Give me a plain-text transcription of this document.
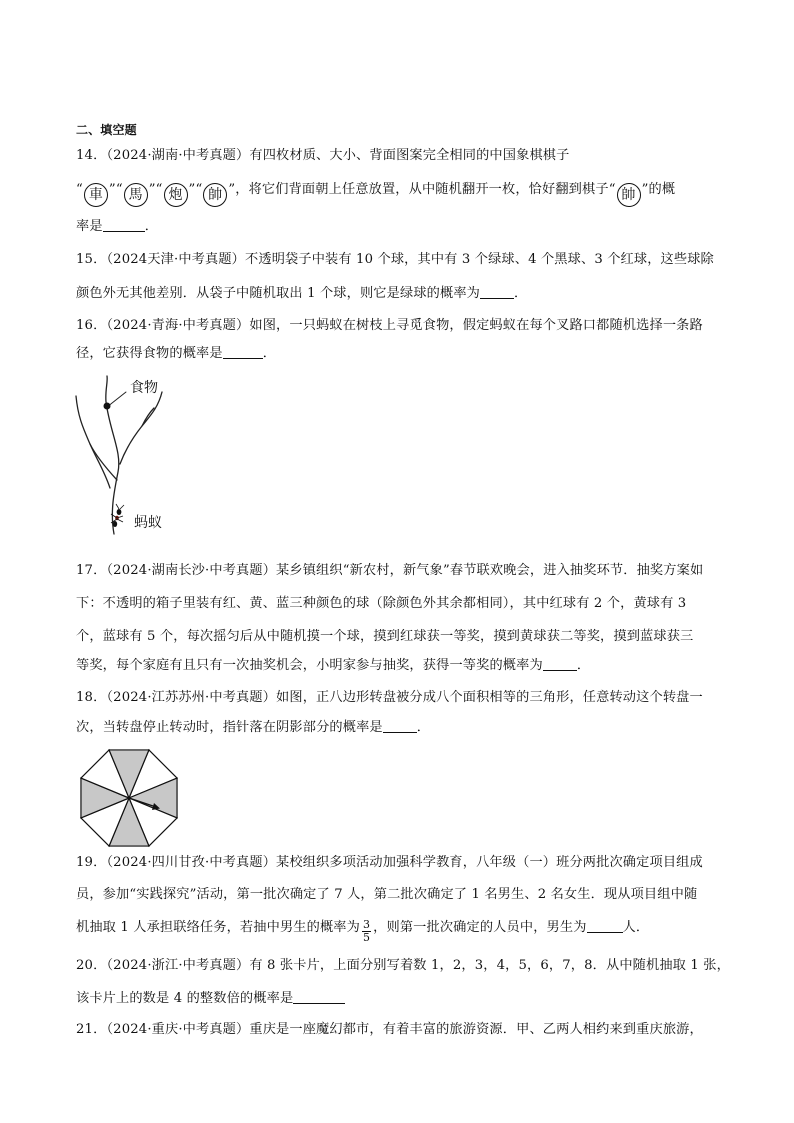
二、填空题
14．（2024·湖南·中考真题）有四枚材质、大小、背面图案完全相同的中国象棋棋子
“ 車 ”“ 馬 ”“ 炮 ”“ 帥 ”，将它们背面朝上任意放置，从中随机翻开一枚，恰好翻到棋子“ 帥 ”的概
率是	．
15．（2024天津·中考真题）不透明袋子中装有 10 个球，其中有 3 个绿球、4 个黑球、3 个红球，这些球除
颜色外无其他差别．从袋子中随机取出 1 个球，则它是绿球的概率为	．
16．（2024·青海·中考真题）如图，一只蚂蚁在树枝上寻觅食物，假定蚂蚁在每个叉路口都随机选择一条路
径，它获得食物的概率是	．
食物
蚂蚁
17．（2024·湖南长沙·中考真题）某乡镇组织“新农村，新气象”春节联欢晚会，进入抽奖环节．抽奖方案如
下：不透明的箱子里装有红、黄、蓝三种颜色的球（除颜色外其余都相同），其中红球有 2 个，黄球有 3
个，蓝球有 5 个，每次摇匀后从中随机摸一个球，摸到红球获一等奖，摸到黄球获二等奖，摸到蓝球获三
等奖，每个家庭有且只有一次抽奖机会，小明家参与抽奖，获得一等奖的概率为	．
18．（2024·江苏苏州·中考真题）如图，正八边形转盘被分成八个面积相等的三角形，任意转动这个转盘一
次，当转盘停止转动时，指针落在阴影部分的概率是	．
19．（2024·四川甘孜·中考真题）某校组织多项活动加强科学教育，八年级（一）班分两批次确定项目组成
员，参加“实践探究”活动，第一批次确定了 7 人，第二批次确定了 1 名男生、2 名女生．现从项目组中随
机抽取 1 人承担联络任务，若抽中男生的概率为 $\frac{3}{5}$ ，则第一批次确定的人员中，男生为	人．
20．（2024·浙江·中考真题）有 8 张卡片，上面分别写着数 1，2，3，4，5，6，7，8．从中随机抽取 1 张，
该卡片上的数是 4 的整数倍的概率是
21．（2024·重庆·中考真题）重庆是一座魔幻都市，有着丰富的旅游资源．甲、乙两人相约来到重庆旅游，
